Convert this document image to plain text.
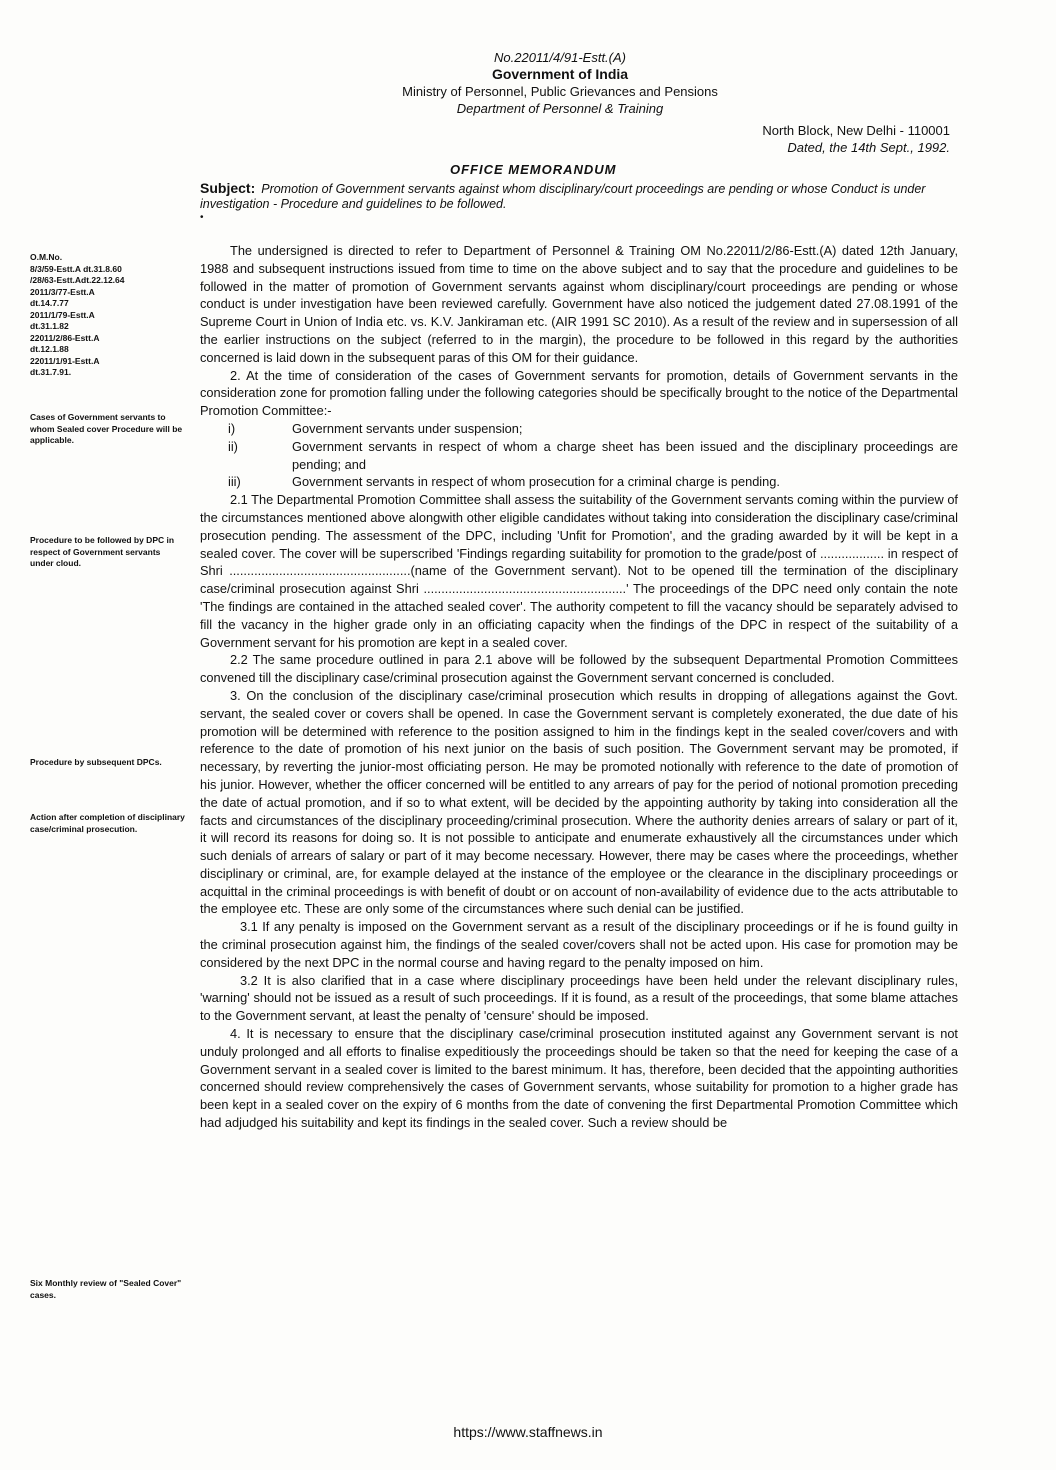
No.22011/4/91-Estt.(A)
Government of India
Ministry of Personnel, Public Grievances and Pensions
Department of Personnel & Training
North Block, New Delhi - 110001
Dated, the 14th Sept., 1992.
OFFICE MEMORANDUM
Subject: Promotion of Government servants against whom disciplinary/court proceedings are pending or whose Conduct is under investigation - Procedure and guidelines to be followed.
•
O.M.No.
8/3/59-Estt.A dt.31.8.60
/28/63-Estt.Adt.22.12.64
2011/3/77-Estt.A
dt.14.7.77
2011/1/79-Estt.A
dt.31.1.82
22011/2/86-Estt.A
dt.12.1.88
22011/1/91-Estt.A
dt.31.7.91.
Cases of Government servants to whom Sealed cover Procedure will be applicable.
Procedure to be followed by DPC in respect of Government servants under cloud.
Procedure by subsequent DPCs.
Action after completion of disciplinary case/criminal prosecution.
Six Monthly review of "Sealed Cover" cases.

The undersigned is directed to refer to Department of Personnel & Training OM No.22011/2/86-Estt.(A) dated 12th January, 1988 and subsequent instructions issued from time to time on the above subject and to say that the procedure and guidelines to be followed in the matter of promotion of Government servants against whom disciplinary/court proceedings are pending or whose conduct is under investigation have been reviewed carefully. Government have also noticed the judgement dated 27.08.1991 of the Supreme Court in Union of India etc. vs. K.V. Jankiraman etc. (AIR 1991 SC 2010). As a result of the review and in supersession of all the earlier instructions on the subject (referred to in the margin), the procedure to be followed in this regard by the authorities concerned is laid down in the subsequent paras of this OM for their guidance.

2. At the time of consideration of the cases of Government servants for promotion, details of Government servants in the consideration zone for promotion falling under the following categories should be specifically brought to the notice of the Departmental Promotion Committee:-

i)	Government servants under suspension;
ii)	Government servants in respect of whom a charge sheet has been issued and the disciplinary proceedings are pending; and
iii)	Government servants in respect of whom prosecution for a criminal charge is pending.

2.1 The Departmental Promotion Committee shall assess the suitability of the Government servants coming within the purview of the circumstances mentioned above alongwith other eligible candidates without taking into consideration the disciplinary case/criminal prosecution pending. The assessment of the DPC, including 'Unfit for Promotion', and the grading awarded by it will be kept in a sealed cover. The cover will be superscribed 'Findings regarding suitability for promotion to the grade/post of .................. in respect of Shri ...................................................(name of the Government servant). Not to be opened till the termination of the disciplinary case/criminal prosecution against Shri .........................................................' The proceedings of the DPC need only contain the note 'The findings are contained in the attached sealed cover'. The authority competent to fill the vacancy should be separately advised to fill the vacancy in the higher grade only in an officiating capacity when the findings of the DPC in respect of the suitability of a Government servant for his promotion are kept in a sealed cover.

2.2 The same procedure outlined in para 2.1 above will be followed by the subsequent Departmental Promotion Committees convened till the disciplinary case/criminal prosecution against the Government servant concerned is concluded.

3. On the conclusion of the disciplinary case/criminal prosecution which results in dropping of allegations against the Govt. servant, the sealed cover or covers shall be opened. In case the Government servant is completely exonerated, the due date of his promotion will be determined with reference to the position assigned to him in the findings kept in the sealed cover/covers and with reference to the date of promotion of his next junior on the basis of such position. The Government servant may be promoted, if necessary, by reverting the junior-most officiating person. He may be promoted notionally with reference to the date of promotion of his junior. However, whether the officer concerned will be entitled to any arrears of pay for the period of notional promotion preceding the date of actual promotion, and if so to what extent, will be decided by the appointing authority by taking into consideration all the facts and circumstances of the disciplinary proceeding/criminal prosecution. Where the authority denies arrears of salary or part of it, it will record its reasons for doing so. It is not possible to anticipate and enumerate exhaustively all the circumstances under which such denials of arrears of salary or part of it may become necessary. However, there may be cases where the proceedings, whether disciplinary or criminal, are, for example delayed at the instance of the employee or the clearance in the disciplinary proceedings or acquittal in the criminal proceedings is with benefit of doubt or on account of non-availability of evidence due to the acts attributable to the employee etc. These are only some of the circumstances where such denial can be justified.

3.1 If any penalty is imposed on the Government servant as a result of the disciplinary proceedings or if he is found guilty in the criminal prosecution against him, the findings of the sealed cover/covers shall not be acted upon. His case for promotion may be considered by the next DPC in the normal course and having regard to the penalty imposed on him.

3.2 It is also clarified that in a case where disciplinary proceedings have been held under the relevant disciplinary rules, 'warning' should not be issued as a result of such proceedings. If it is found, as a result of the proceedings, that some blame attaches to the Government servant, at least the penalty of 'censure' should be imposed.

4. It is necessary to ensure that the disciplinary case/criminal prosecution instituted against any Government servant is not unduly prolonged and all efforts to finalise expeditiously the proceedings should be taken so that the need for keeping the case of a Government servant in a sealed cover is limited to the barest minimum. It has, therefore, been decided that the appointing authorities concerned should review comprehensively the cases of Government servants, whose suitability for promotion to a higher grade has been kept in a sealed cover on the expiry of 6 months from the date of convening the first Departmental Promotion Committee which had adjudged his suitability and kept its findings in the sealed cover. Such a review should be

https://www.staffnews.in
